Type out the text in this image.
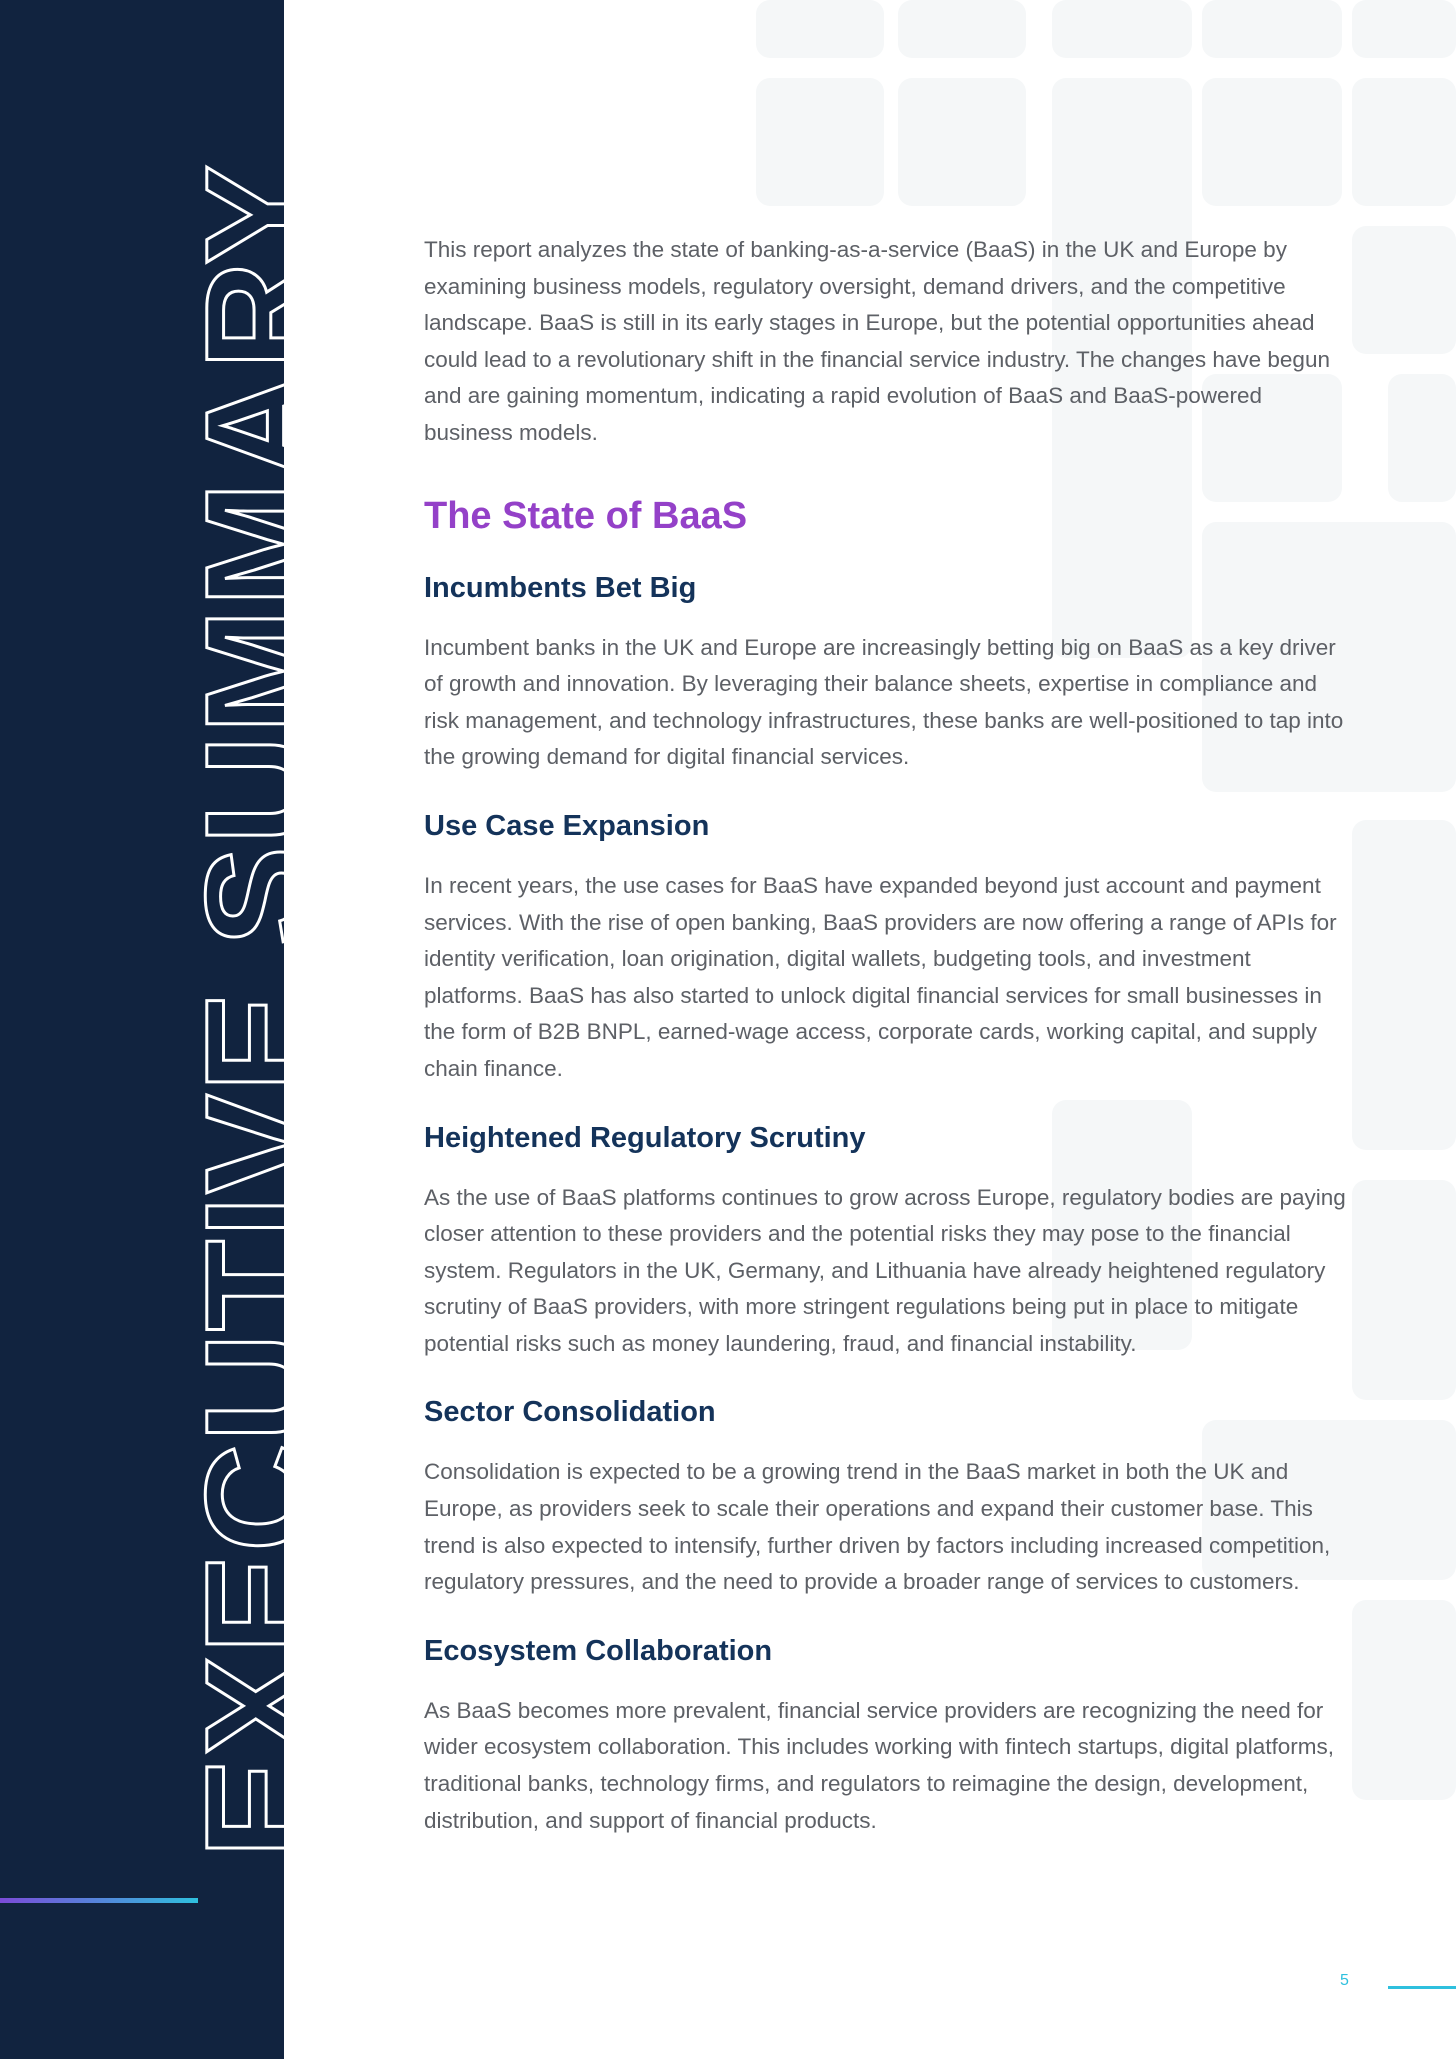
EXECUTIVE SUMMARY	This report analyzes the state of banking-as-a-service (BaaS) in the UK and Europe by examining business models, regulatory oversight, demand drivers, and the competitive landscape. BaaS is still in its early stages in Europe, but the potential opportunities ahead could lead to a revolutionary shift in the financial service industry. The changes have begun and are gaining momentum, indicating a rapid evolution of BaaS and BaaS-powered business models.

The State of BaaS
Incumbents Bet Big

Incumbent banks in the UK and Europe are increasingly betting big on BaaS as a key driver of growth and innovation. By leveraging their balance sheets, expertise in compliance and risk management, and technology infrastructures, these banks are well-positioned to tap into the growing demand for digital financial services.

Use Case Expansion

In recent years, the use cases for BaaS have expanded beyond just account and payment services. With the rise of open banking, BaaS providers are now offering a range of APIs for identity verification, loan origination, digital wallets, budgeting tools, and investment platforms. BaaS has also started to unlock digital financial services for small businesses in the form of B2B BNPL, earned-wage access, corporate cards, working capital, and supply chain finance.

Heightened Regulatory Scrutiny

As the use of BaaS platforms continues to grow across Europe, regulatory bodies are paying closer attention to these providers and the potential risks they may pose to the financial system. Regulators in the UK, Germany, and Lithuania have already heightened regulatory scrutiny of BaaS providers, with more stringent regulations being put in place to mitigate potential risks such as money laundering, fraud, and financial instability.

Sector Consolidation

Consolidation is expected to be a growing trend in the BaaS market in both the UK and Europe, as providers seek to scale their operations and expand their customer base. This trend is also expected to intensify, further driven by factors including increased competition, regulatory pressures, and the need to provide a broader range of services to customers.

Ecosystem Collaboration

As BaaS becomes more prevalent, financial service providers are recognizing the need for wider ecosystem collaboration. This includes working with fintech startups, digital platforms, traditional banks, technology firms, and regulators to reimagine the design, development, distribution, and support of financial products.

5
